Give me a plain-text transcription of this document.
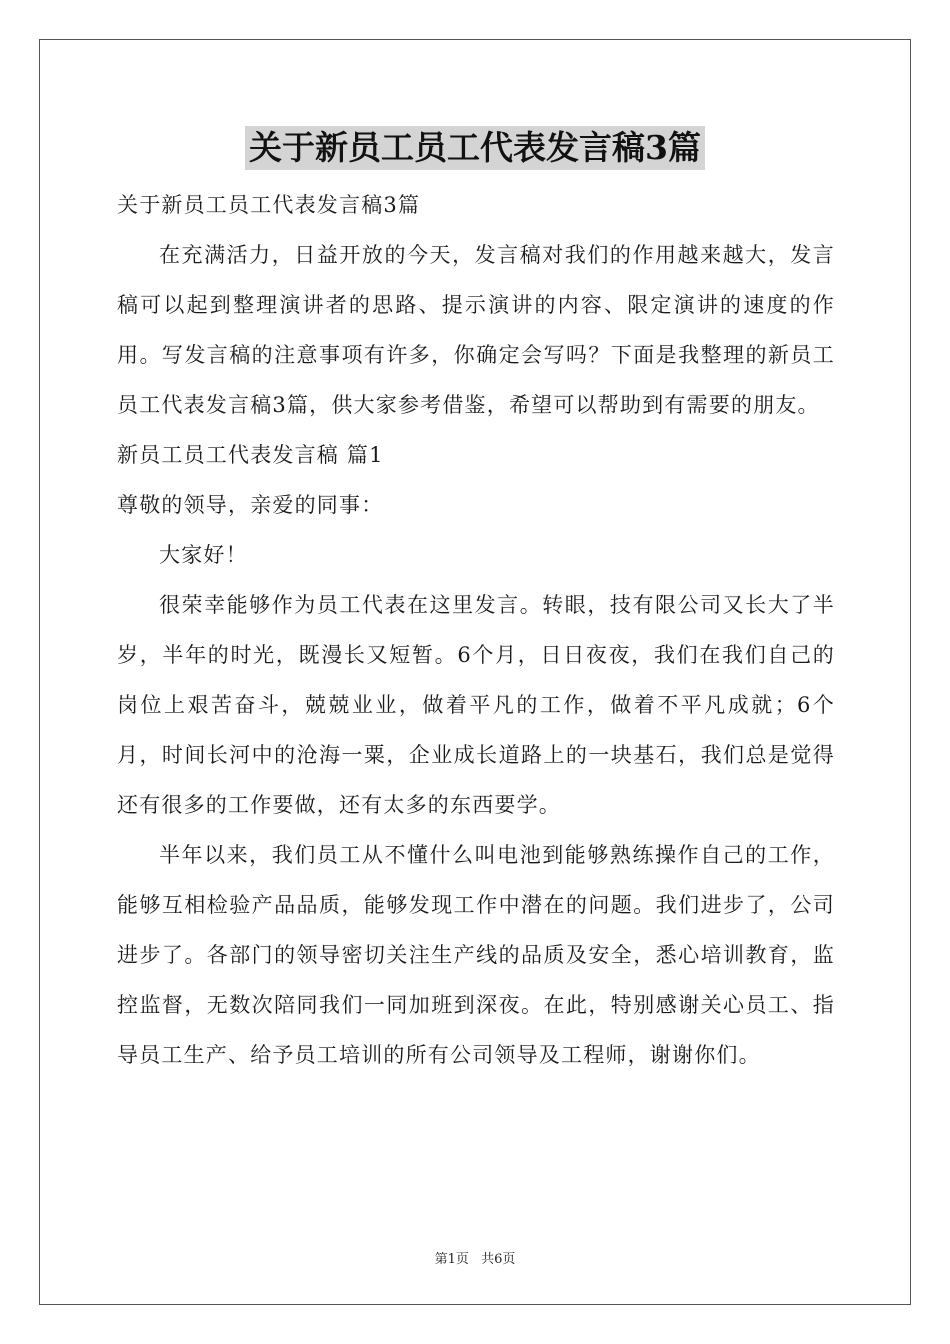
关于新员工员工代表发言稿3篇

关于新员工员工代表发言稿3篇

在充满活力，日益开放的今天，发言稿对我们的作用越来越大，发言稿可以起到整理演讲者的思路、提示演讲的内容、限定演讲的速度的作用。写发言稿的注意事项有许多，你确定会写吗？下面是我整理的新员工员工代表发言稿3篇，供大家参考借鉴，希望可以帮助到有需要的朋友。

新员工员工代表发言稿 篇1

尊敬的领导，亲爱的同事：

大家好！

很荣幸能够作为员工代表在这里发言。转眼，技有限公司又长大了半岁，半年的时光，既漫长又短暂。6个月，日日夜夜，我们在我们自己的岗位上艰苦奋斗，兢兢业业，做着平凡的工作，做着不平凡成就；6个月，时间长河中的沧海一粟，企业成长道路上的一块基石，我们总是觉得还有很多的工作要做，还有太多的东西要学。

半年以来，我们员工从不懂什么叫电池到能够熟练操作自己的工作，能够互相检验产品品质，能够发现工作中潜在的问题。我们进步了，公司进步了。各部门的领导密切关注生产线的品质及安全，悉心培训教育，监控监督，无数次陪同我们一同加班到深夜。在此，特别感谢关心员工、指导员工生产、给予员工培训的所有公司领导及工程师，谢谢你们。

第1页 共6页
